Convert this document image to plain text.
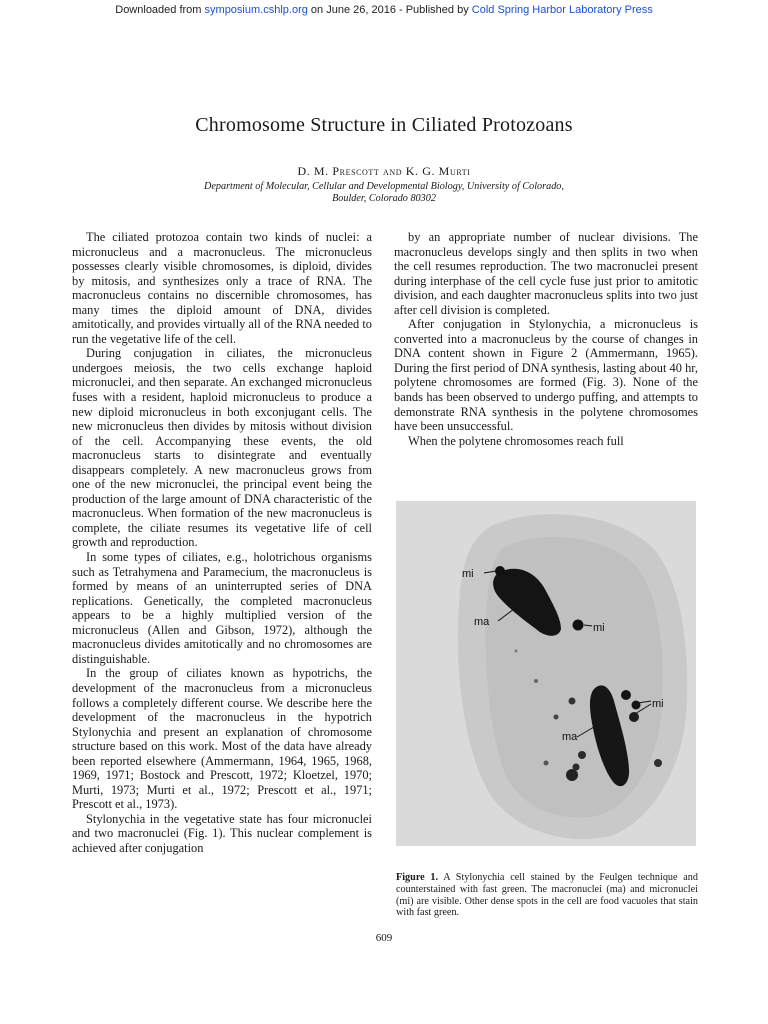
Downloaded from symposium.cshlp.org on June 26, 2016 - Published by Cold Spring Harbor Laboratory Press
Chromosome Structure in Ciliated Protozoans
D. M. Prescott and K. G. Murti
Department of Molecular, Cellular and Developmental Biology, University of Colorado,
Boulder, Colorado 80302

The ciliated protozoa contain two kinds of nuclei: a micronucleus and a macronucleus. The micronucleus possesses clearly visible chromosomes, is diploid, divides by mitosis, and synthesizes only a trace of RNA. The macronucleus contains no discernible chromosomes, has many times the diploid amount of DNA, divides amitotically, and provides virtually all of the RNA needed to run the vegetative life of the cell.

During conjugation in ciliates, the micronucleus undergoes meiosis, the two cells exchange haploid micronuclei, and then separate. An exchanged micronucleus fuses with a resident, haploid micronucleus to produce a new diploid micronucleus in both exconjugant cells. The new micronucleus then divides by mitosis without division of the cell. Accompanying these events, the old macronucleus starts to disintegrate and eventually disappears completely. A new macronucleus grows from one of the new micronuclei, the principal event being the production of the large amount of DNA characteristic of the macronucleus. When formation of the new macronucleus is complete, the ciliate resumes its vegetative life of cell growth and reproduction.

In some types of ciliates, e.g., holotrichous organisms such as Tetrahymena and Paramecium, the macronucleus is formed by means of an uninterrupted series of DNA replications. Genetically, the completed macronucleus appears to be a highly multiplied version of the micronucleus (Allen and Gibson, 1972), although the macronucleus divides amitotically and no chromosomes are distinguishable.

In the group of ciliates known as hypotrichs, the development of the macronucleus from a micronucleus follows a completely different course. We describe here the development of the macronucleus in the hypotrich Stylonychia and present an explanation of chromosome structure based on this work. Most of the data have already been reported elsewhere (Ammermann, 1964, 1965, 1968, 1969, 1971; Bostock and Prescott, 1972; Kloetzel, 1970; Murti, 1973; Murti et al., 1972; Prescott et al., 1971; Prescott et al., 1973).

Stylonychia in the vegetative state has four micronuclei and two macronuclei (Fig. 1). This nuclear complement is achieved after conjugation

by an appropriate number of nuclear divisions. The macronucleus develops singly and then splits in two when the cell resumes reproduction. The two macronuclei present during interphase of the cell cycle fuse just prior to amitotic division, and each daughter macronucleus splits into two just after cell division is completed.

After conjugation in Stylonychia, a micronucleus is converted into a macronucleus by the course of changes in DNA content shown in Figure 2 (Ammermann, 1965). During the first period of DNA synthesis, lasting about 40 hr, polytene chromosomes are formed (Fig. 3). None of the bands has been observed to undergo puffing, and attempts to demonstrate RNA synthesis in the polytene chromosomes have been unsuccessful.

When the polytene chromosomes reach full

mi
ma	mi
ma
mi
Figure 1. A Stylonychia cell stained by the Feulgen technique and counterstained with fast green. The macronuclei (ma) and micronuclei (mi) are visible. Other dense spots in the cell are food vacuoles that stain with fast green.
609
